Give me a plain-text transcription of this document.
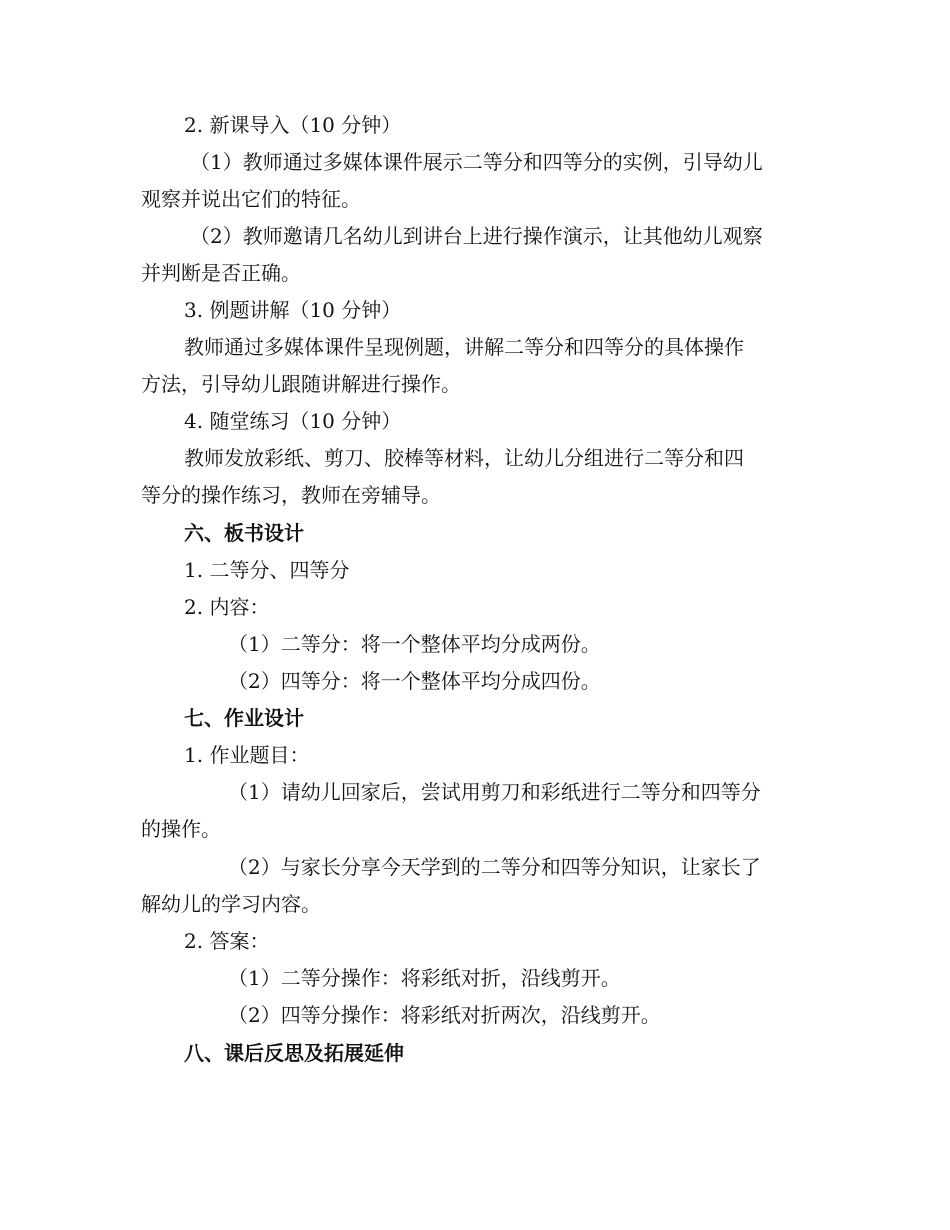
2. 新课导入（10 分钟）
（1）教师通过多媒体课件展示二等分和四等分的实例，引导幼儿
观察并说出它们的特征。
（2）教师邀请几名幼儿到讲台上进行操作演示，让其他幼儿观察
并判断是否正确。
3. 例题讲解（10 分钟）
教师通过多媒体课件呈现例题，讲解二等分和四等分的具体操作
方法，引导幼儿跟随讲解进行操作。
4. 随堂练习（10 分钟）
教师发放彩纸、剪刀、胶棒等材料，让幼儿分组进行二等分和四
等分的操作练习，教师在旁辅导。
六、板书设计
1. 二等分、四等分
2. 内容：
（1）二等分：将一个整体平均分成两份。
（2）四等分：将一个整体平均分成四份。
七、作业设计
1. 作业题目：
（1）请幼儿回家后，尝试用剪刀和彩纸进行二等分和四等分
的操作。
（2）与家长分享今天学到的二等分和四等分知识，让家长了
解幼儿的学习内容。
2. 答案：
（1）二等分操作：将彩纸对折，沿线剪开。
（2）四等分操作：将彩纸对折两次，沿线剪开。
八、课后反思及拓展延伸
